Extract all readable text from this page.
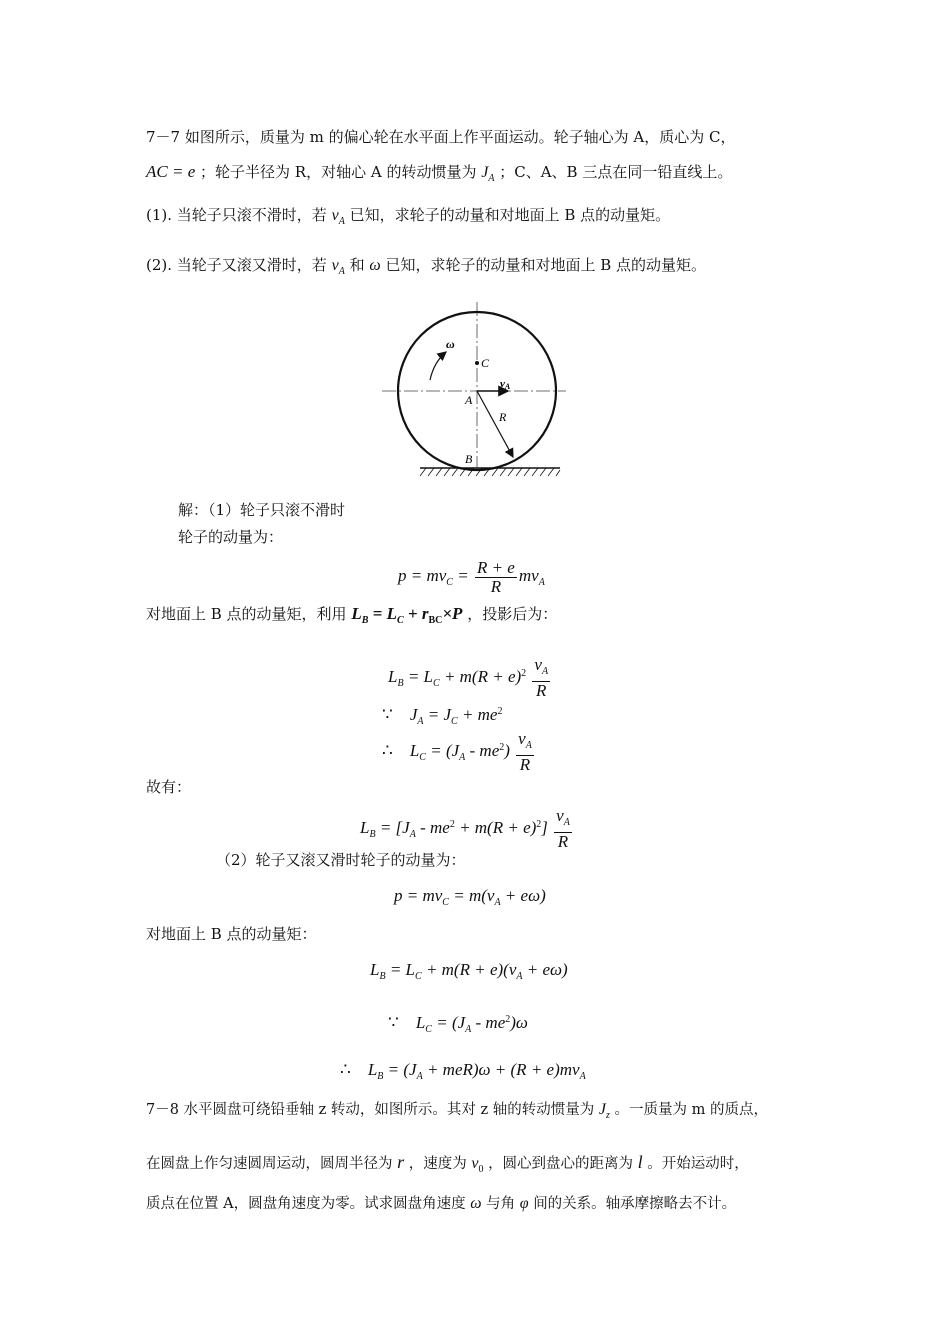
7－7 如图所示，质量为 m 的偏心轮在水平面上作平面运动。轮子轴心为 A，质心为 C，
AC = e ；轮子半径为 R，对轴心 A 的转动惯量为 $J_A$ ；C、A、B 三点在同一铅直线上。
(1). 当轮子只滚不滑时，若 $v_A$ 已知，求轮子的动量和对地面上 B 点的动量矩。
(2). 当轮子又滚又滑时，若 $v_A$ 和 ω 已知，求轮子的动量和对地面上 B 点的动量矩。
ω
C
vA
A
R
B
解：（1）轮子只滚不滑时
轮子的动量为：
$p = mv_C = \frac{R + e}{R} mv_A$
对地面上 B 点的动量矩，利用 $L_B = L_C + r_{BC}\times P$ ，投影后为：
$L_B = L_C + m(R + e)^2 \frac{v_A}{R}$
∵    $J_A = J_C + me^2$
∴    $L_C = (J_A - me^2) \frac{v_A}{R}$
故有：
$L_B = [J_A - me^2 + m(R + e)^2] \frac{v_A}{R}$
（2）轮子又滚又滑时轮子的动量为：
$p = mv_C = m(v_A + e\omega)$
对地面上 B 点的动量矩：
$L_B = L_C + m(R + e)(v_A + e\omega)$
∵    $L_C = (J_A - me^2)\omega$
∴    $L_B = (J_A + meR)\omega + (R + e)mv_A$
7－8 水平圆盘可绕铅垂轴 z 转动，如图所示。其对 z 轴的转动惯量为 $J_z$ 。一质量为 m 的质点，
在圆盘上作匀速圆周运动，圆周半径为 r ，速度为 $v_0$ ，圆心到盘心的距离为 l 。开始运动时，
质点在位置 A，圆盘角速度为零。试求圆盘角速度 ω 与角 φ 间的关系。轴承摩擦略去不计。
